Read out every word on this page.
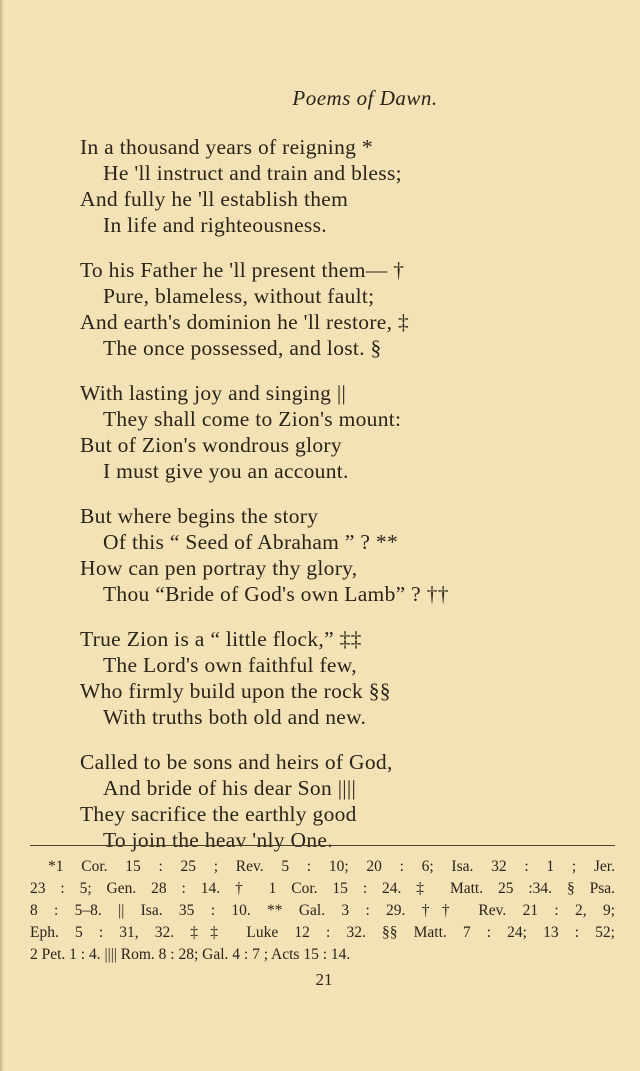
Poems of Dawn.
In a thousand years of reigning *
He 'll instruct and train and bless;
And fully he 'll establish them
In life and righteousness.
To his Father he 'll present them— †
Pure, blameless, without fault;
And earth's dominion he 'll restore, ‡
The once possessed, and lost. §
With lasting joy and singing ||
They shall come to Zion's mount:
But of Zion's wondrous glory
I must give you an account.
But where begins the story
Of this “ Seed of Abraham ” ? **
How can pen portray thy glory,
Thou “Bride of God's own Lamb” ? ††
True Zion is a “ little flock,” ‡‡
The Lord's own faithful few,
Who firmly build upon the rock §§
With truths both old and new.
Called to be sons and heirs of God,
And bride of his dear Son ||||
They sacrifice the earthly good
To join the heav 'nly One.
*1 Cor. 15 : 25 ; Rev. 5 : 10; 20 : 6; Isa. 32 : 1 ; Jer.
23 : 5; Gen. 28 : 14. † 1 Cor. 15 : 24. ‡ Matt. 25 :34. § Psa.
8 : 5–8. || Isa. 35 : 10. ** Gal. 3 : 29. †† Rev. 21 : 2, 9;
Eph. 5 : 31, 32. ‡‡ Luke 12 : 32. §§ Matt. 7 : 24; 13 : 52;
2 Pet. 1 : 4. |||| Rom. 8 : 28; Gal. 4 : 7 ; Acts 15 : 14.
21
